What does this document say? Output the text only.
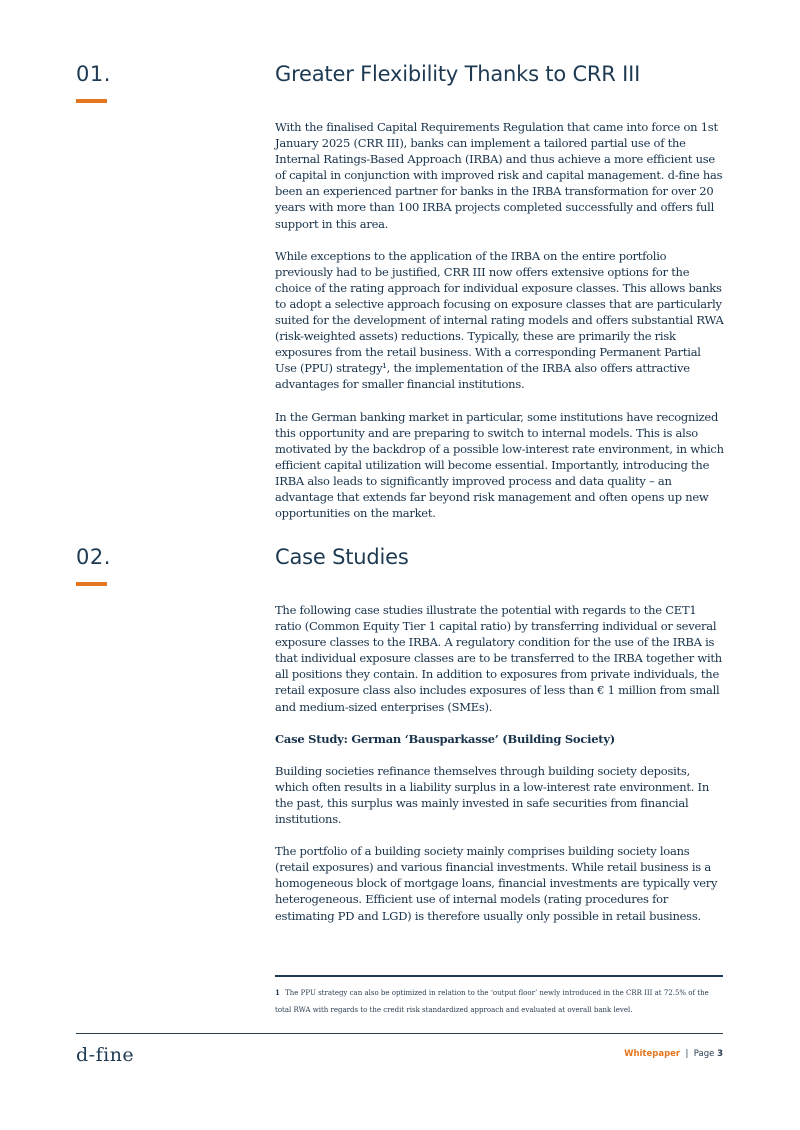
01.	Greater Flexibility Thanks to CRR III

With the finalised Capital Requirements Regulation that came into force on 1st January 2025 (CRR III), banks can implement a tailored partial use of the Internal Ratings-Based Approach (IRBA) and thus achieve a more efficient use of capital in conjunction with improved risk and capital management. d-fine has been an experienced partner for banks in the IRBA transformation for over 20 years with more than 100 IRBA projects completed successfully and offers full support in this area.

While exceptions to the application of the IRBA on the entire portfolio previously had to be justified, CRR III now offers extensive options for the choice of the rating approach for individual exposure classes. This allows banks to adopt a selective approach focusing on exposure classes that are particularly suited for the development of internal rating models and offers substantial RWA (risk-weighted assets) reductions. Typically, these are primarily the risk exposures from the retail business. With a corresponding Permanent Partial Use (PPU) strategy¹, the implementation of the IRBA also offers attractive advantages for smaller financial institutions.

In the German banking market in particular, some institutions have recognized this opportunity and are preparing to switch to internal models. This is also motivated by the backdrop of a possible low-interest rate environment, in which efficient capital utilization will become essential. Importantly, introducing the IRBA also leads to significantly improved process and data quality – an advantage that extends far beyond risk management and often opens up new opportunities on the market.

02.	Case Studies

The following case studies illustrate the potential with regards to the CET1 ratio (Common Equity Tier 1 capital ratio) by transferring individual or several exposure classes to the IRBA. A regulatory condition for the use of the IRBA is that individual exposure classes are to be transferred to the IRBA together with all positions they contain. In addition to exposures from private individuals, the retail exposure class also includes exposures of less than € 1 million from small and medium-sized enterprises (SMEs).

Case Study: German ‘Bausparkasse’ (Building Society)

Building societies refinance themselves through building society deposits, which often results in a liability surplus in a low-interest rate environment. In the past, this surplus was mainly invested in safe securities from financial institutions.

The portfolio of a building society mainly comprises building society loans (retail exposures) and various financial investments. While retail business is a homogeneous block of mortgage loans, financial investments are typically very heterogeneous. Efficient use of internal models (rating procedures for estimating PD and LGD) is therefore usually only possible in retail business.

1 The PPU strategy can also be optimized in relation to the ‘output floor’ newly introduced in the CRR III at 72.5% of the total RWA with regards to the credit risk standardized approach and evaluated at overall bank level.
d-fine	Whitepaper | Page 3
